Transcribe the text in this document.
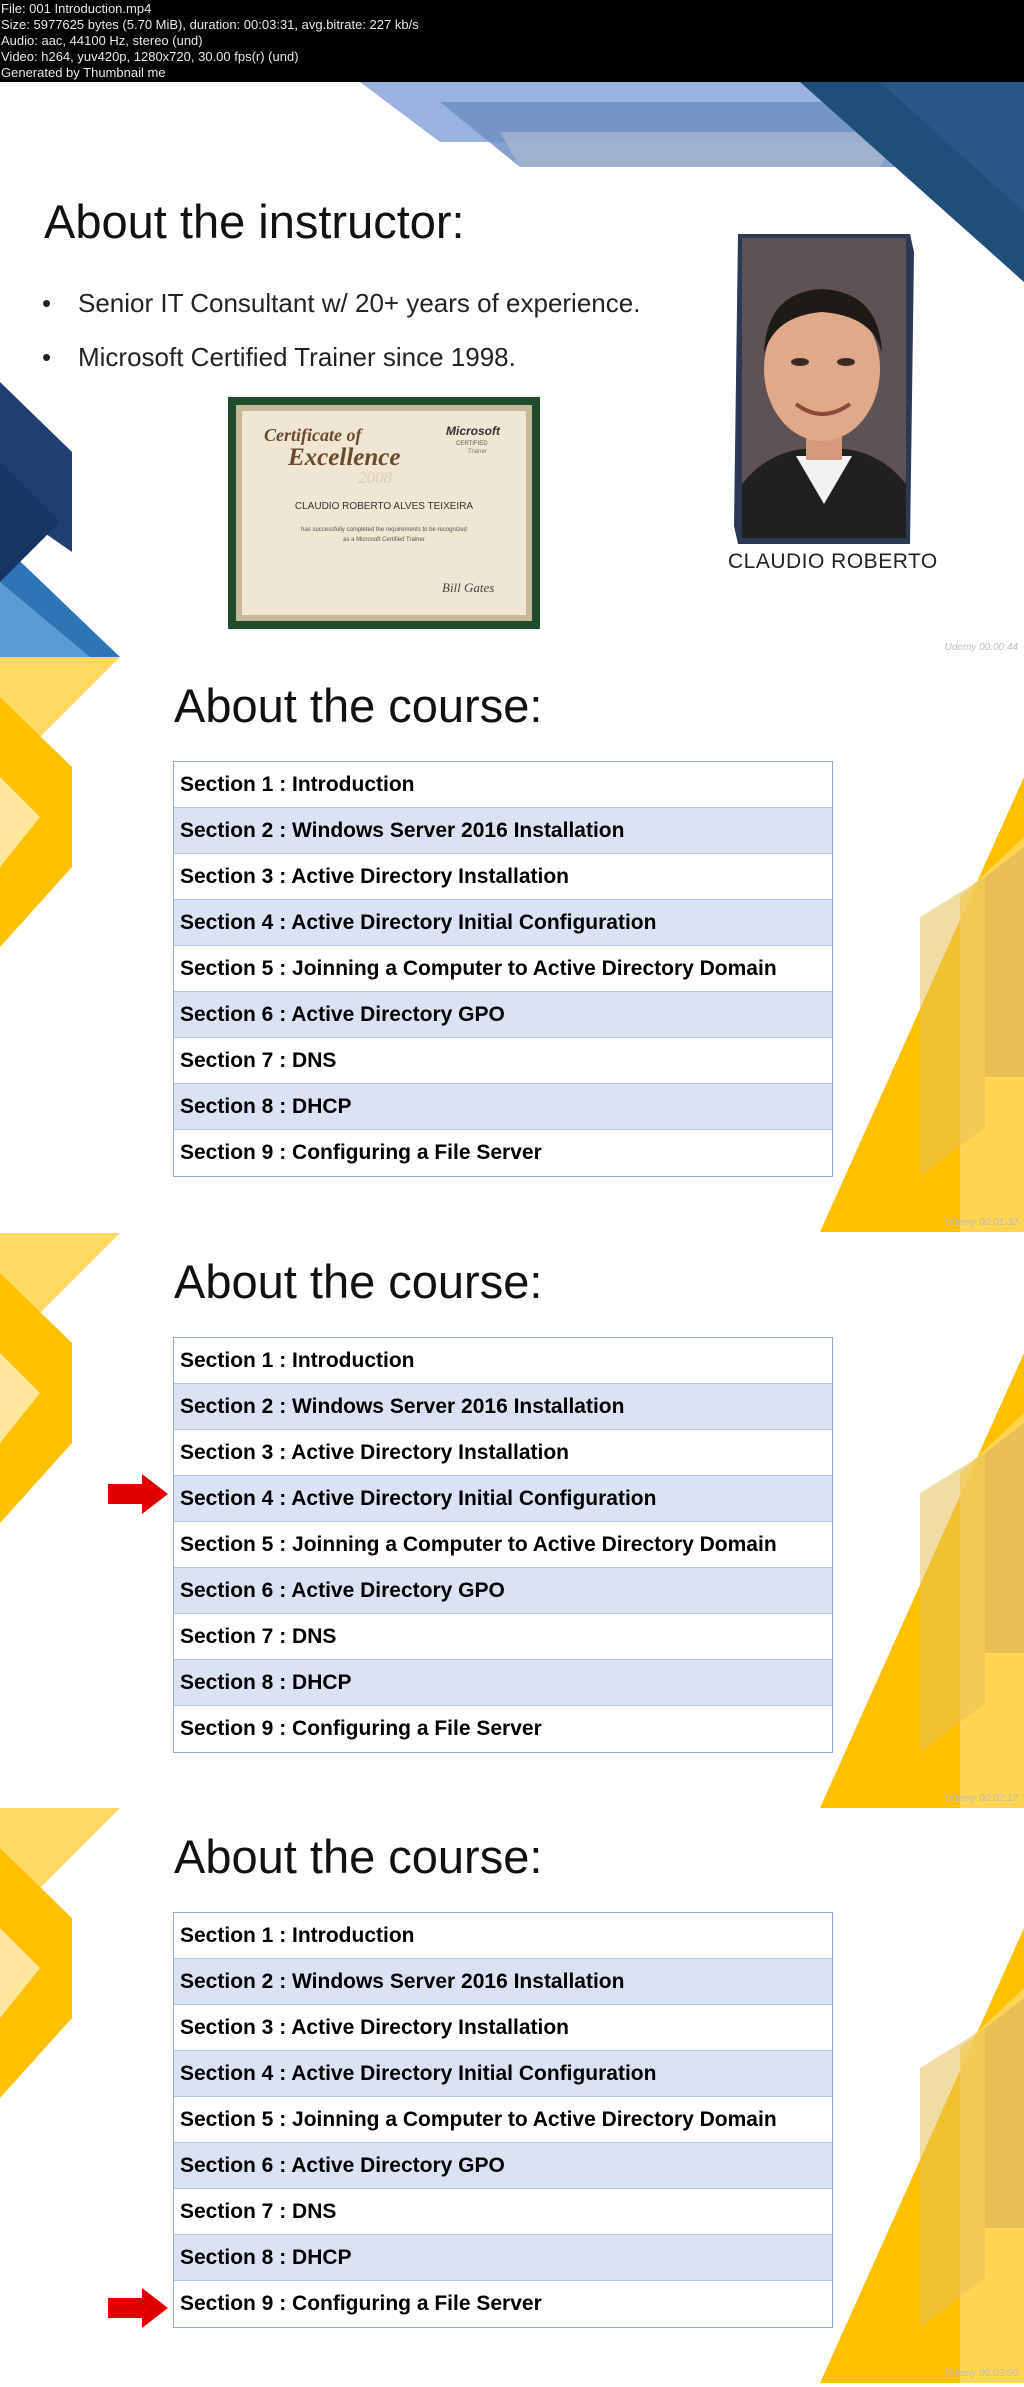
File: 001 Introduction.mp4
Size: 5977625 bytes (5.70 MiB), duration: 00:03:31, avg.bitrate: 227 kb/s
Audio: aac, 44100 Hz, stereo (und)
Video: h264, yuv420p, 1280x720, 30.00 fps(r) (und)
Generated by Thumbnail me
About the instructor:
• Senior IT Consultant w/ 20+ years of experience.
• Microsoft Certified Trainer since 1998.
Certificate of
Excellence
2008
Microsoft
CERTIFIED
Trainer
CLAUDIO ROBERTO ALVES TEIXEIRA
has successfully completed the requirements to be recognized
as a Microsoft Certified Trainer
Bill Gates
CLAUDIO ROBERTO
Udemy 00:00:44
About the course:
Section 1 : Introduction
Section 2 : Windows Server 2016 Installation
Section 3 : Active Directory Installation
Section 4 : Active Directory Initial Configuration
Section 5 : Joinning a Computer to Active Directory Domain
Section 6 : Active Directory GPO
Section 7 : DNS
Section 8 : DHCP
Section 9 : Configuring a File Server
Udemy 00:01:32
About the course:
Section 1 : Introduction
Section 2 : Windows Server 2016 Installation
Section 3 : Active Directory Installation
Section 4 : Active Directory Initial Configuration
Section 5 : Joinning a Computer to Active Directory Domain
Section 6 : Active Directory GPO
Section 7 : DNS
Section 8 : DHCP
Section 9 : Configuring a File Server
Udemy 00:02:17
About the course:
Section 1 : Introduction
Section 2 : Windows Server 2016 Installation
Section 3 : Active Directory Installation
Section 4 : Active Directory Initial Configuration
Section 5 : Joinning a Computer to Active Directory Domain
Section 6 : Active Directory GPO
Section 7 : DNS
Section 8 : DHCP
Section 9 : Configuring a File Server
Udemy 00:03:00
